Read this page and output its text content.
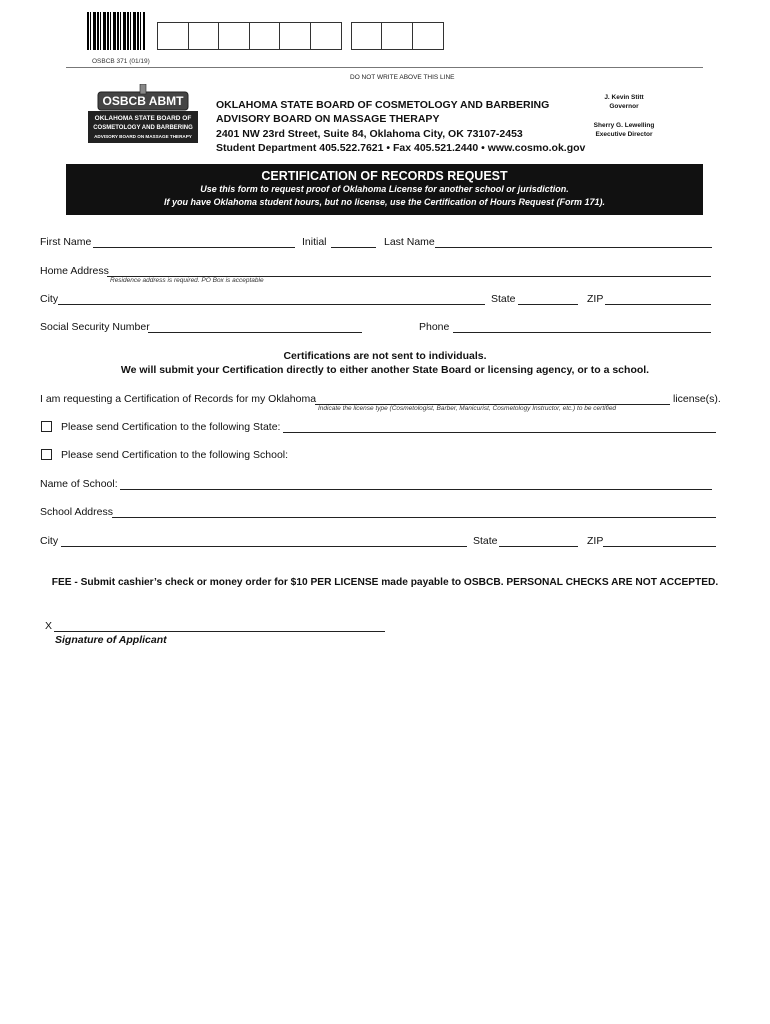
OSBCB 371 (01/19)
DO NOT WRITE ABOVE THIS LINE
OSBCB ABMT
OKLAHOMA STATE BOARD OF
COSMETOLOGY AND BARBERING
ADVISORY BOARD ON MASSAGE THERAPY
OKLAHOMA STATE BOARD OF COSMETOLOGY AND BARBERING
ADVISORY BOARD ON MASSAGE THERAPY
2401 NW 23rd Street, Suite 84, Oklahoma City, OK 73107-2453
Student Department 405.522.7621 • Fax 405.521.2440 • www.cosmo.ok.gov
J. Kevin Stitt
Governor
Sherry G. Lewelling
Executive Director
CERTIFICATION OF RECORDS REQUEST
Use this form to request proof of Oklahoma License for another school or jurisdiction.
If you have Oklahoma student hours, but no license, use the Certification of Hours Request (Form 171).
First Name	Initial	Last Name
Home Address
Residence address is required. PO Box is acceptable
City	State	ZIP
Social Security Number	Phone
Certifications are not sent to individuals.
We will submit your Certification directly to either another State Board or licensing agency, or to a school.
I am requesting a Certification of Records for my Oklahoma	license(s).
Indicate the license type (Cosmetologist, Barber, Manicurist, Cosmetology Instructor, etc.) to be certified
Please send Certification to the following State:
Please send Certification to the following School:
Name of School:
School Address
City	State	ZIP
FEE - Submit cashier’s check or money order for $10 PER LICENSE made payable to OSBCB. PERSONAL CHECKS ARE NOT ACCEPTED.
X
Signature of Applicant
